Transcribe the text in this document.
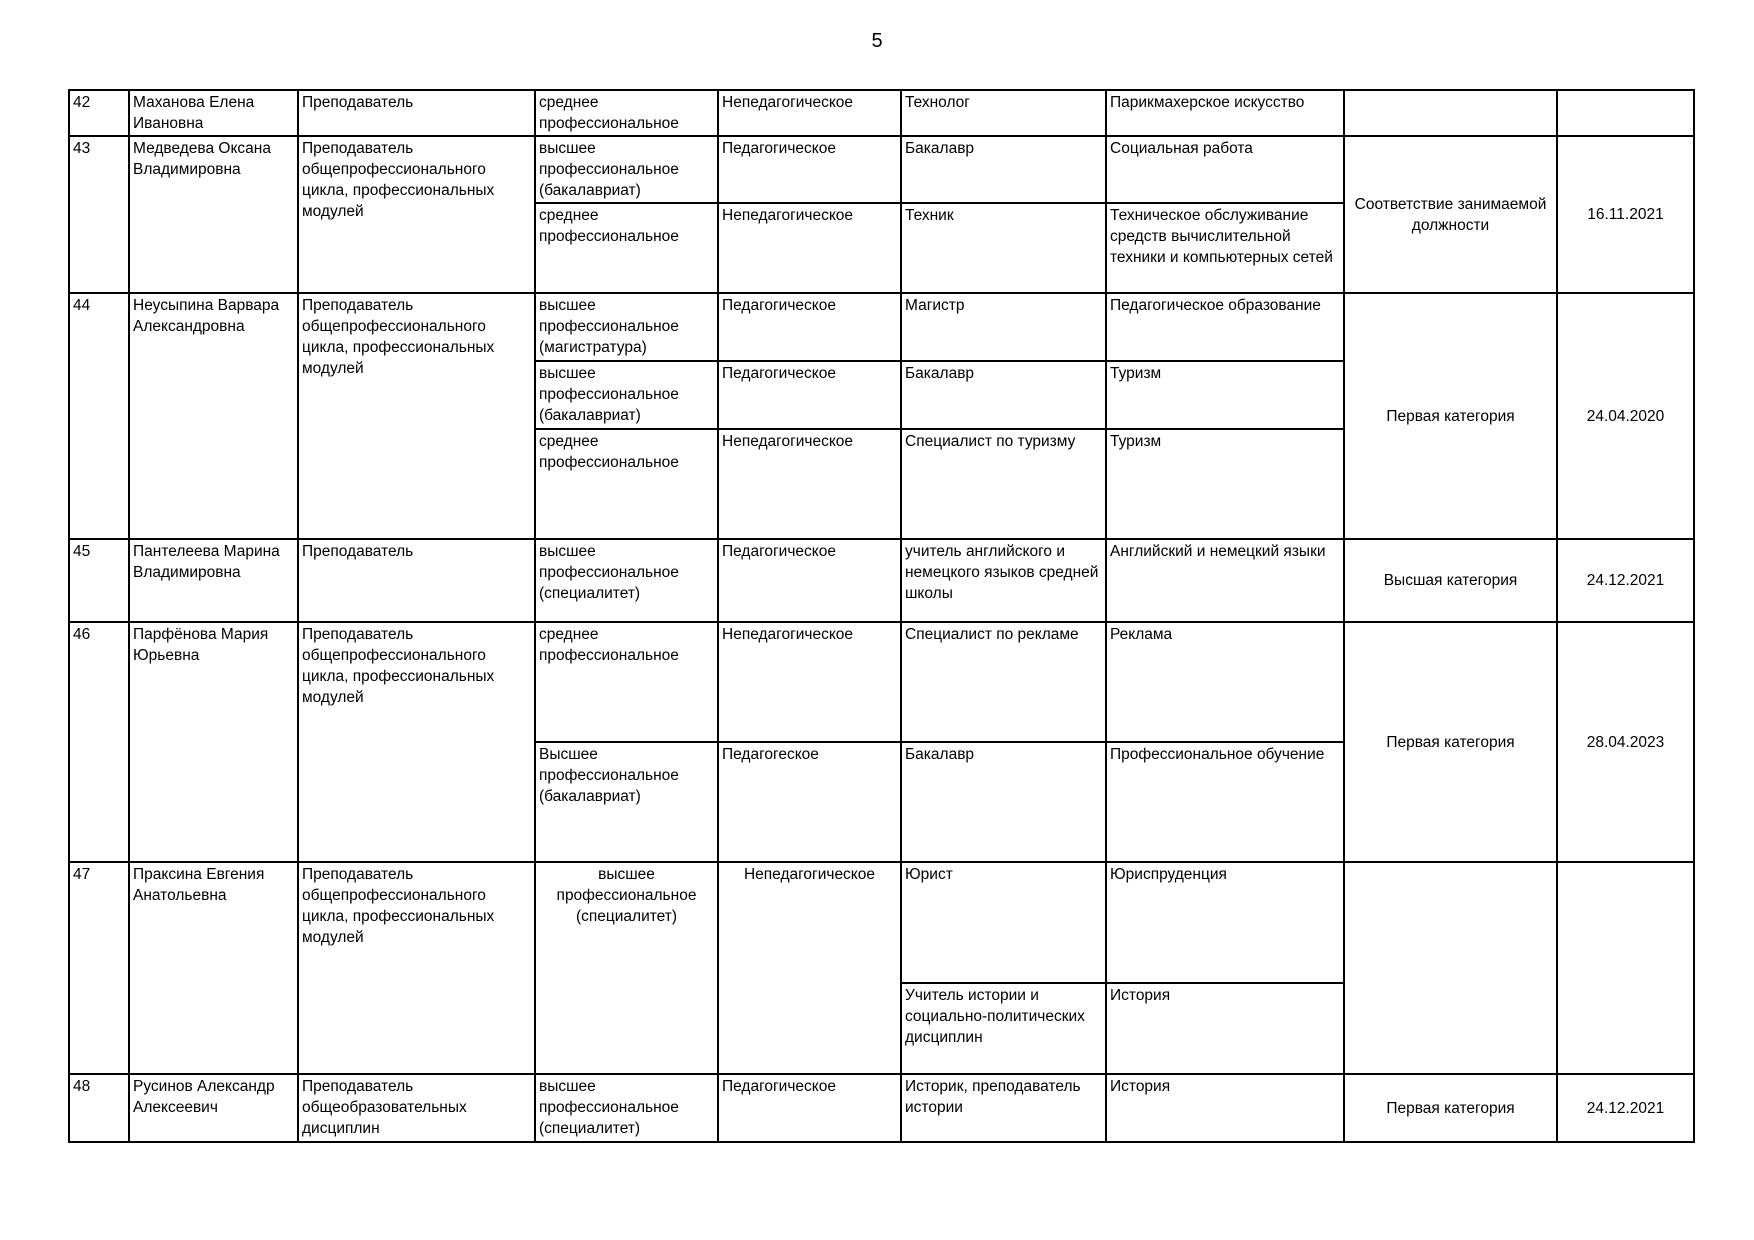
5
42	Маханова Елена Ивановна	Преподаватель	среднее профессиональное	Непедагогическое	Технолог	Парикмахерское искусство		
43	Медведева Оксана Владимировна	Преподаватель общепрофессионального цикла, профессиональных модулей	высшее профессиональное (бакалавриат)	Педагогическое	Бакалавр	Социальная работа	Соответствие занимаемой должности	16.11.2021
			среднее профессиональное	Непедагогическое	Техник	Техническое обслуживание средств вычислительной техники и компьютерных сетей		
44	Неусыпина Варвара Александровна	Преподаватель общепрофессионального цикла, профессиональных модулей	высшее профессиональное (магистратура)	Педагогическое	Магистр	Педагогическое образование	Первая категория	24.04.2020
			высшее профессиональное (бакалавриат)	Педагогическое	Бакалавр	Туризм		
			среднее профессиональное	Непедагогическое	Специалист по туризму	Туризм		
45	Пантелеева Марина Владимировна	Преподаватель	высшее профессиональное (специалитет)	Педагогическое	учитель английского и немецкого языков средней школы	Английский и немецкий языки	Высшая категория	24.12.2021
46	Парфёнова Мария Юрьевна	Преподаватель общепрофессионального цикла, профессиональных модулей	среднее профессиональное	Непедагогическое	Специалист по рекламе	Реклама	Первая категория	28.04.2023
			Высшее профессиональное (бакалавриат)	Педагогеское	Бакалавр	Профессиональное обучение		
47	Праксина Евгения Анатольевна	Преподаватель общепрофессионального цикла, профессиональных модулей	высшее профессиональное (специалитет)	Непедагогическое	Юрист	Юриспруденция		
					Учитель истории и социально-политических дисциплин	История		
48	Русинов Александр Алексеевич	Преподаватель общеобразовательных дисциплин	высшее профессиональное (специалитет)	Педагогическое	Историк, преподаватель истории	История	Первая категория	24.12.2021
